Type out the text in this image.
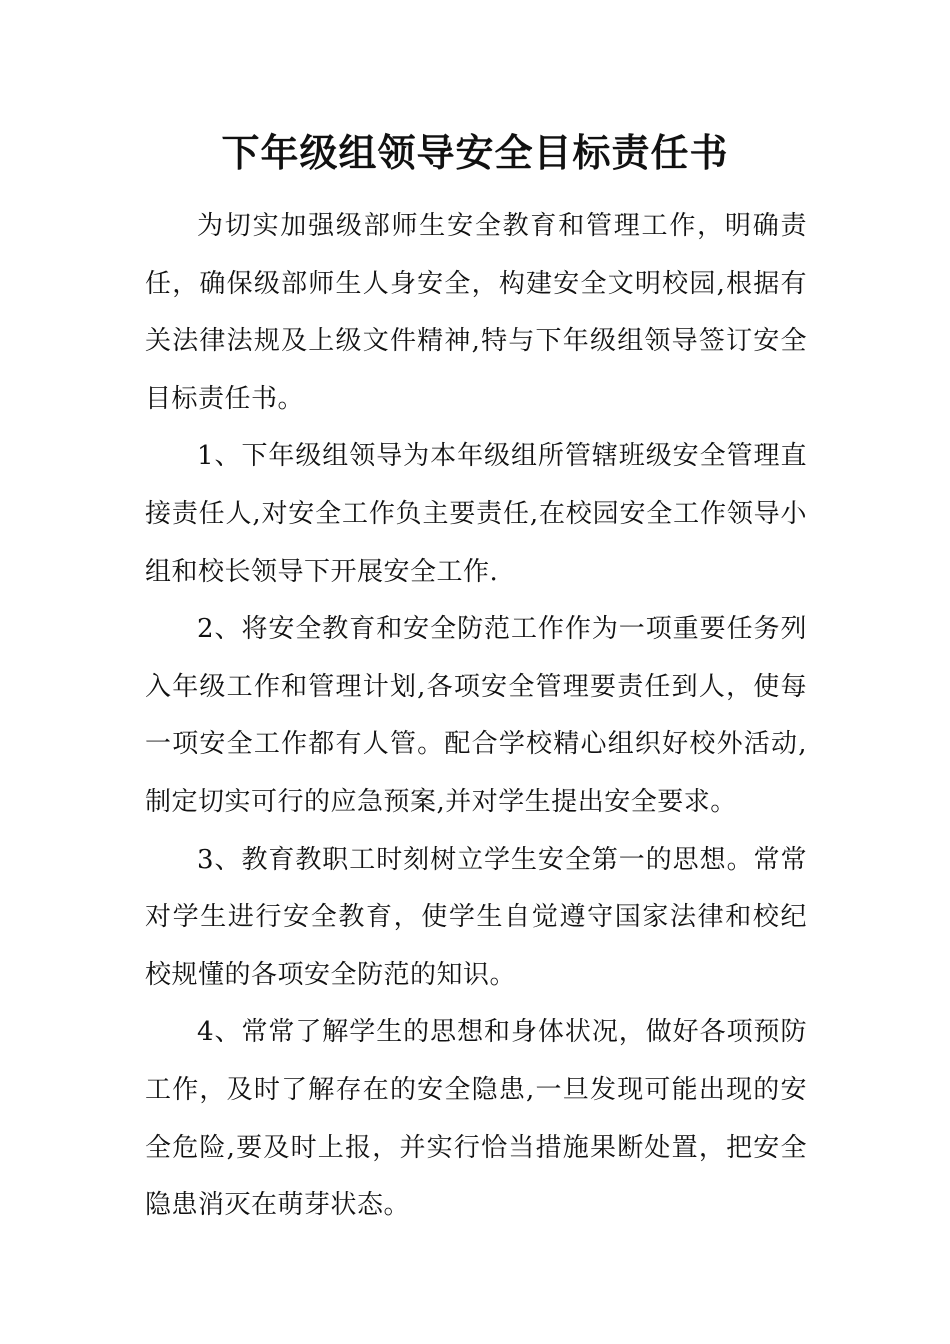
下年级组领导安全目标责任书

为切实加强级部师生安全教育和管理工作，明确责任，确保级部师生人身安全，构建安全文明校园,根据有关法律法规及上级文件精神,特与下年级组领导签订安全目标责任书。

1、下年级组领导为本年级组所管辖班级安全管理直接责任人,对安全工作负主要责任,在校园安全工作领导小组和校长领导下开展安全工作.

2、将安全教育和安全防范工作作为一项重要任务列入年级工作和管理计划,各项安全管理要责任到人，使每一项安全工作都有人管。配合学校精心组织好校外活动,制定切实可行的应急预案,并对学生提出安全要求。

3、教育教职工时刻树立学生安全第一的思想。常常对学生进行安全教育，使学生自觉遵守国家法律和校纪校规懂的各项安全防范的知识。

4、常常了解学生的思想和身体状况，做好各项预防工作，及时了解存在的安全隐患,一旦发现可能出现的安全危险,要及时上报，并实行恰当措施果断处置，把安全隐患消灭在萌芽状态。
